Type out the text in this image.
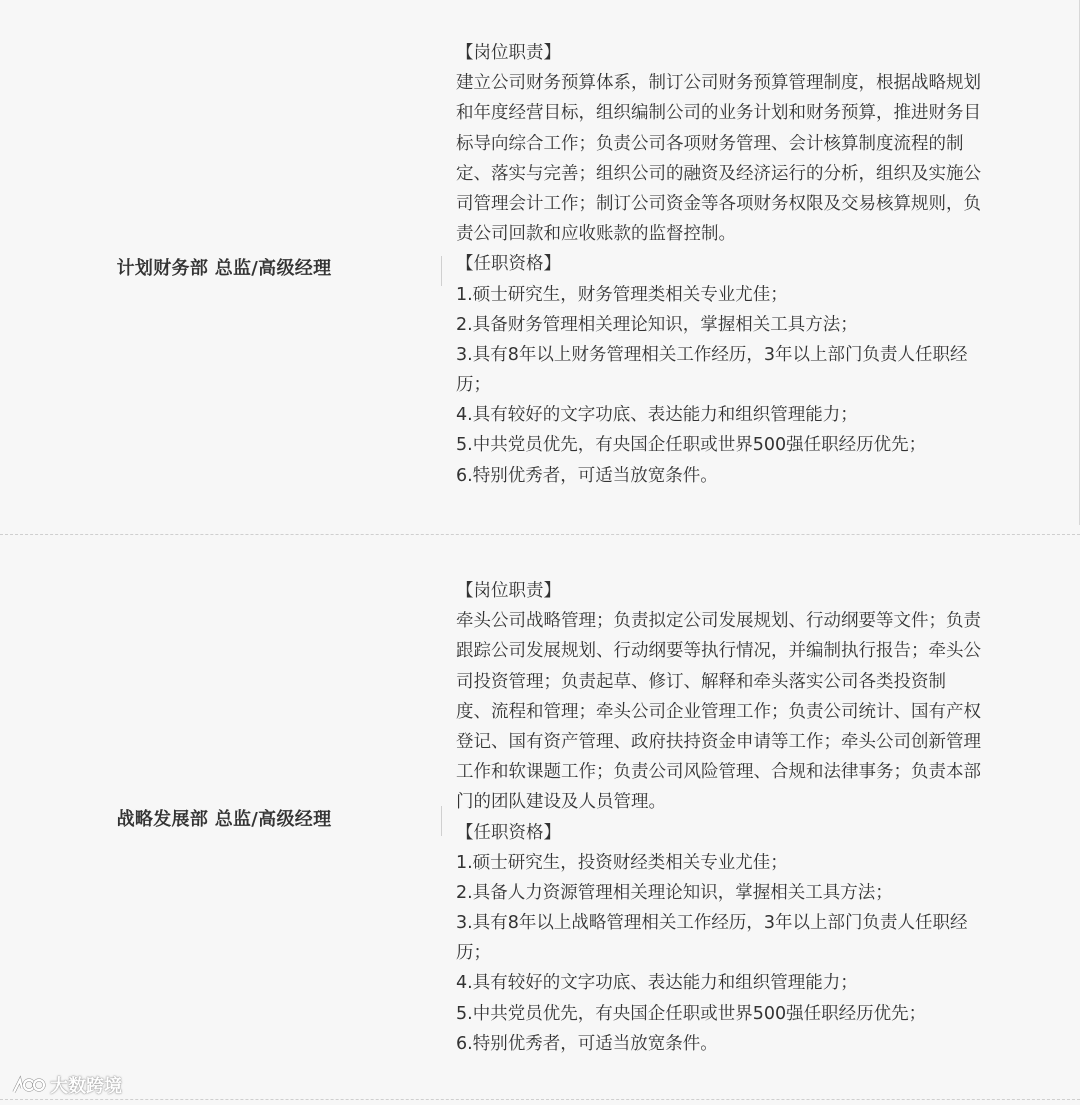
计划财务部 总监/高级经理
【岗位职责】
建立公司财务预算体系，制订公司财务预算管理制度，根据战略规划
和年度经营目标，组织编制公司的业务计划和财务预算，推进财务目
标导向综合工作；负责公司各项财务管理、会计核算制度流程的制
定、落实与完善；组织公司的融资及经济运行的分析，组织及实施公
司管理会计工作；制订公司资金等各项财务权限及交易核算规则，负
责公司回款和应收账款的监督控制。
【任职资格】
1.硕士研究生，财务管理类相关专业尤佳；
2.具备财务管理相关理论知识，掌握相关工具方法；
3.具有8年以上财务管理相关工作经历，3年以上部门负责人任职经
历；
4.具有较好的文字功底、表达能力和组织管理能力；
5.中共党员优先，有央国企任职或世界500强任职经历优先；
6.特别优秀者，可适当放宽条件。
战略发展部 总监/高级经理
【岗位职责】
牵头公司战略管理；负责拟定公司发展规划、行动纲要等文件；负责
跟踪公司发展规划、行动纲要等执行情况，并编制执行报告；牵头公
司投资管理；负责起草、修订、解释和牵头落实公司各类投资制
度、流程和管理；牵头公司企业管理工作；负责公司统计、国有产权
登记、国有资产管理、政府扶持资金申请等工作；牵头公司创新管理
工作和软课题工作；负责公司风险管理、合规和法律事务；负责本部
门的团队建设及人员管理。
【任职资格】
1.硕士研究生，投资财经类相关专业尤佳；
2.具备人力资源管理相关理论知识，掌握相关工具方法；
3.具有8年以上战略管理相关工作经历，3年以上部门负责人任职经
历；
4.具有较好的文字功底、表达能力和组织管理能力；
5.中共党员优先，有央国企任职或世界500强任职经历优先；
6.特别优秀者，可适当放宽条件。
大数跨境
